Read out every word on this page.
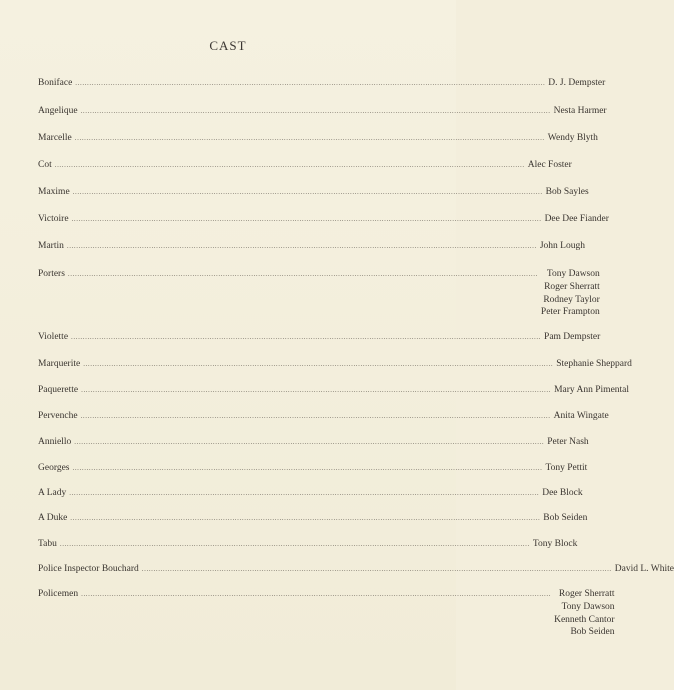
CAST
Boniface ........................................................................................................................................................................................................ D. J. Dempster
Angelique ........................................................................................................................................................................................................ Nesta Harmer
Marcelle ........................................................................................................................................................................................................ Wendy Blyth
Cot ........................................................................................................................................................................................................ Alec Foster
Maxime ........................................................................................................................................................................................................ Bob Sayles
Victoire ........................................................................................................................................................................................................ Dee Dee Fiander
Martin ........................................................................................................................................................................................................ John Lough
Porters ........................................................................................................................................................................................................ Tony Dawson
Roger Sherratt
Rodney Taylor
Peter Frampton
Violette ........................................................................................................................................................................................................ Pam Dempster
Marquerite ........................................................................................................................................................................................................ Stephanie Sheppard
Paquerette ........................................................................................................................................................................................................ Mary Ann Pimental
Pervenche ........................................................................................................................................................................................................ Anita Wingate
Anniello ........................................................................................................................................................................................................ Peter Nash
Georges ........................................................................................................................................................................................................ Tony Pettit
A Lady ........................................................................................................................................................................................................ Dee Block
A Duke ........................................................................................................................................................................................................ Bob Seiden
Tabu ........................................................................................................................................................................................................ Tony Block
Police Inspector Bouchard ........................................................................................................................................................................................................ David L. White
Policemen ........................................................................................................................................................................................................ Roger Sherratt
Tony Dawson
Kenneth Cantor
Bob Seiden
